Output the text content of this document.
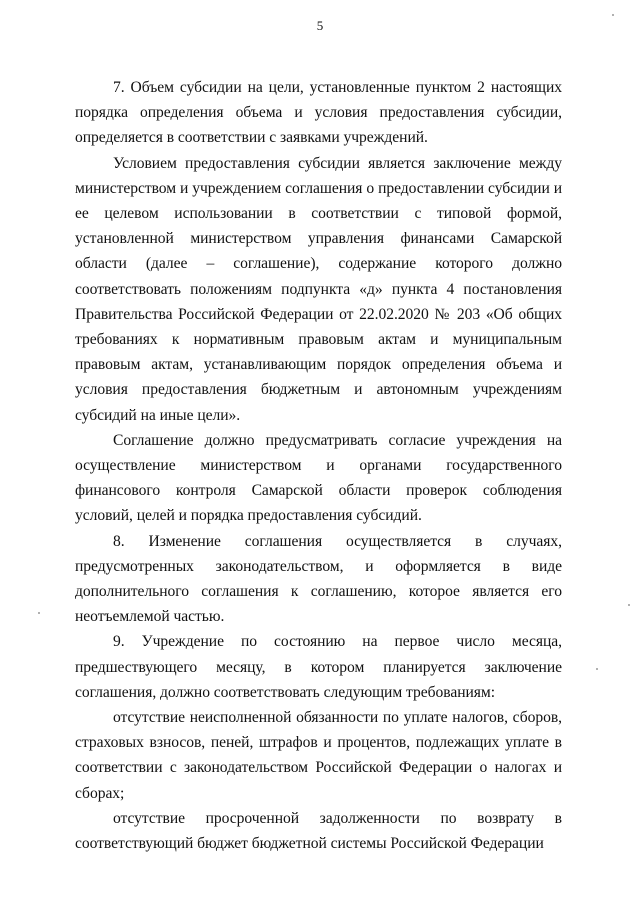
5

7. Объем субсидии на цели, установленные пунктом 2 настоящих порядка определения объема и условия предоставления субсидии, определяется в соответствии с заявками учреждений.

Условием предоставления субсидии является заключение между министерством и учреждением соглашения о предоставлении субсидии и ее целевом использовании в соответствии с типовой формой, установленной министерством управления финансами Самарской области (далее – соглашение), содержание которого должно соответствовать положениям подпункта «д» пункта 4 постановления Правительства Российской Федерации от 22.02.2020 № 203 «Об общих требованиях к нормативным правовым актам и муниципальным правовым актам, устанавливающим порядок определения объема и условия предоставления бюджетным и автономным учреждениям субсидий на иные цели».

Соглашение должно предусматривать согласие учреждения на осуществление министерством и органами государственного финансового контроля Самарской области проверок соблюдения условий, целей и порядка предоставления субсидий.

8. Изменение соглашения осуществляется в случаях, предусмотренных законодательством, и оформляется в виде дополнительного соглашения к соглашению, которое является его неотъемлемой частью.

9. Учреждение по состоянию на первое число месяца, предшествующего месяцу, в котором планируется заключение соглашения, должно соответствовать следующим требованиям:

отсутствие неисполненной обязанности по уплате налогов, сборов, страховых взносов, пеней, штрафов и процентов, подлежащих уплате в соответствии с законодательством Российской Федерации о налогах и сборах;

отсутствие просроченной задолженности по возврату в соответствующий бюджет бюджетной системы Российской Федерации
